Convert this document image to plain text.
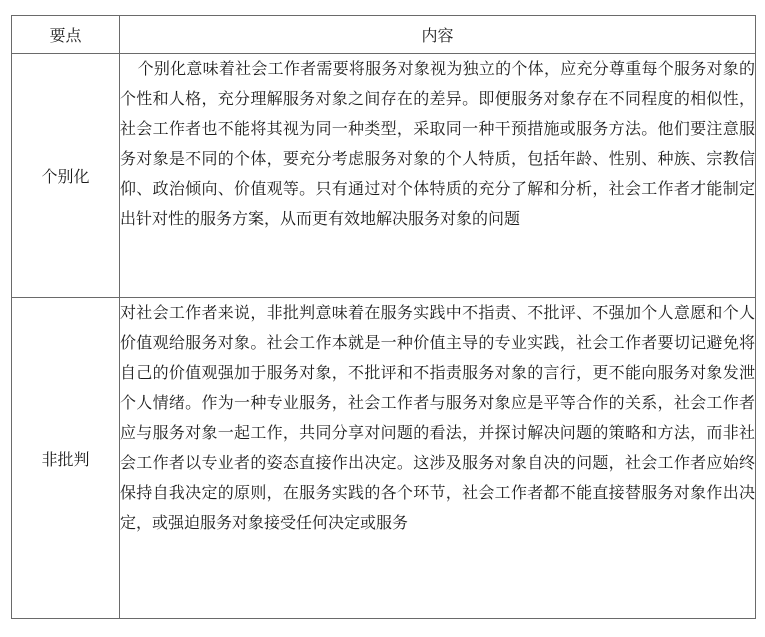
要点	内容
个别化	个别化意味着社会工作者需要将服务对象视为独立的个体，应充分尊重每个服务对象的个性和人格，充分理解服务对象之间存在的差异。即便服务对象存在不同程度的相似性，社会工作者也不能将其视为同一种类型，采取同一种干预措施或服务方法。他们要注意服务对象是不同的个体，要充分考虑服务对象的个人特质，包括年龄、性别、种族、宗教信仰、政治倾向、价值观等。只有通过对个体特质的充分了解和分析，社会工作者才能制定出针对性的服务方案，从而更有效地解决服务对象的问题
非批判	对社会工作者来说，非批判意味着在服务实践中不指责、不批评、不强加个人意愿和个人价值观给服务对象。社会工作本就是一种价值主导的专业实践，社会工作者要切记避免将自己的价值观强加于服务对象，不批评和不指责服务对象的言行，更不能向服务对象发泄个人情绪。作为一种专业服务，社会工作者与服务对象应是平等合作的关系，社会工作者应与服务对象一起工作，共同分享对问题的看法，并探讨解决问题的策略和方法，而非社会工作者以专业者的姿态直接作出决定。这涉及服务对象自决的问题，社会工作者应始终保持自我决定的原则，在服务实践的各个环节，社会工作者都不能直接替服务对象作出决定，或强迫服务对象接受任何决定或服务
